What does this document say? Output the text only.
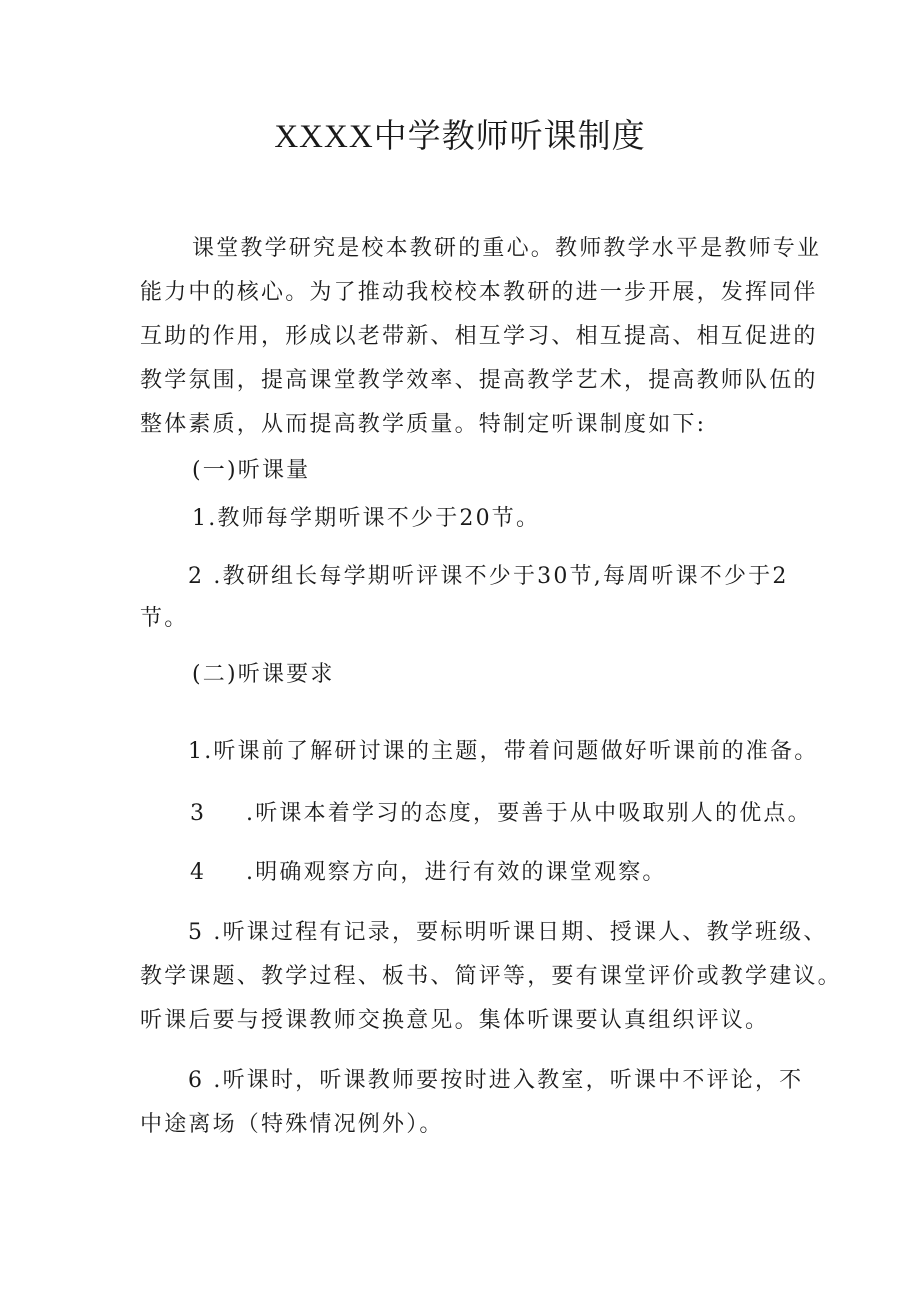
XXXX中学教师听课制度
课堂教学研究是校本教研的重心。教师教学水平是教师专业
能力中的核心。为了推动我校校本教研的进一步开展，发挥同伴
互助的作用，形成以老带新、相互学习、相互提高、相互促进的
教学氛围，提高课堂教学效率、提高教学艺术，提高教师队伍的
整体素质，从而提高教学质量。特制定听课制度如下:
(一)听课量
1.教师每学期听课不少于20节。
2 .教研组长每学期听评课不少于30节,每周听课不少于2
节。
(二)听课要求
1.听课前了解研讨课的主题，带着问题做好听课前的准备。
3 .听课本着学习的态度，要善于从中吸取别人的优点。
4 .明确观察方向，进行有效的课堂观察。
5 .听课过程有记录，要标明听课日期、授课人、教学班级、
教学课题、教学过程、板书、简评等，要有课堂评价或教学建议。
听课后要与授课教师交换意见。集体听课要认真组织评议。
6 .听课时，听课教师要按时进入教室，听课中不评论，不
中途离场（特殊情况例外）。
